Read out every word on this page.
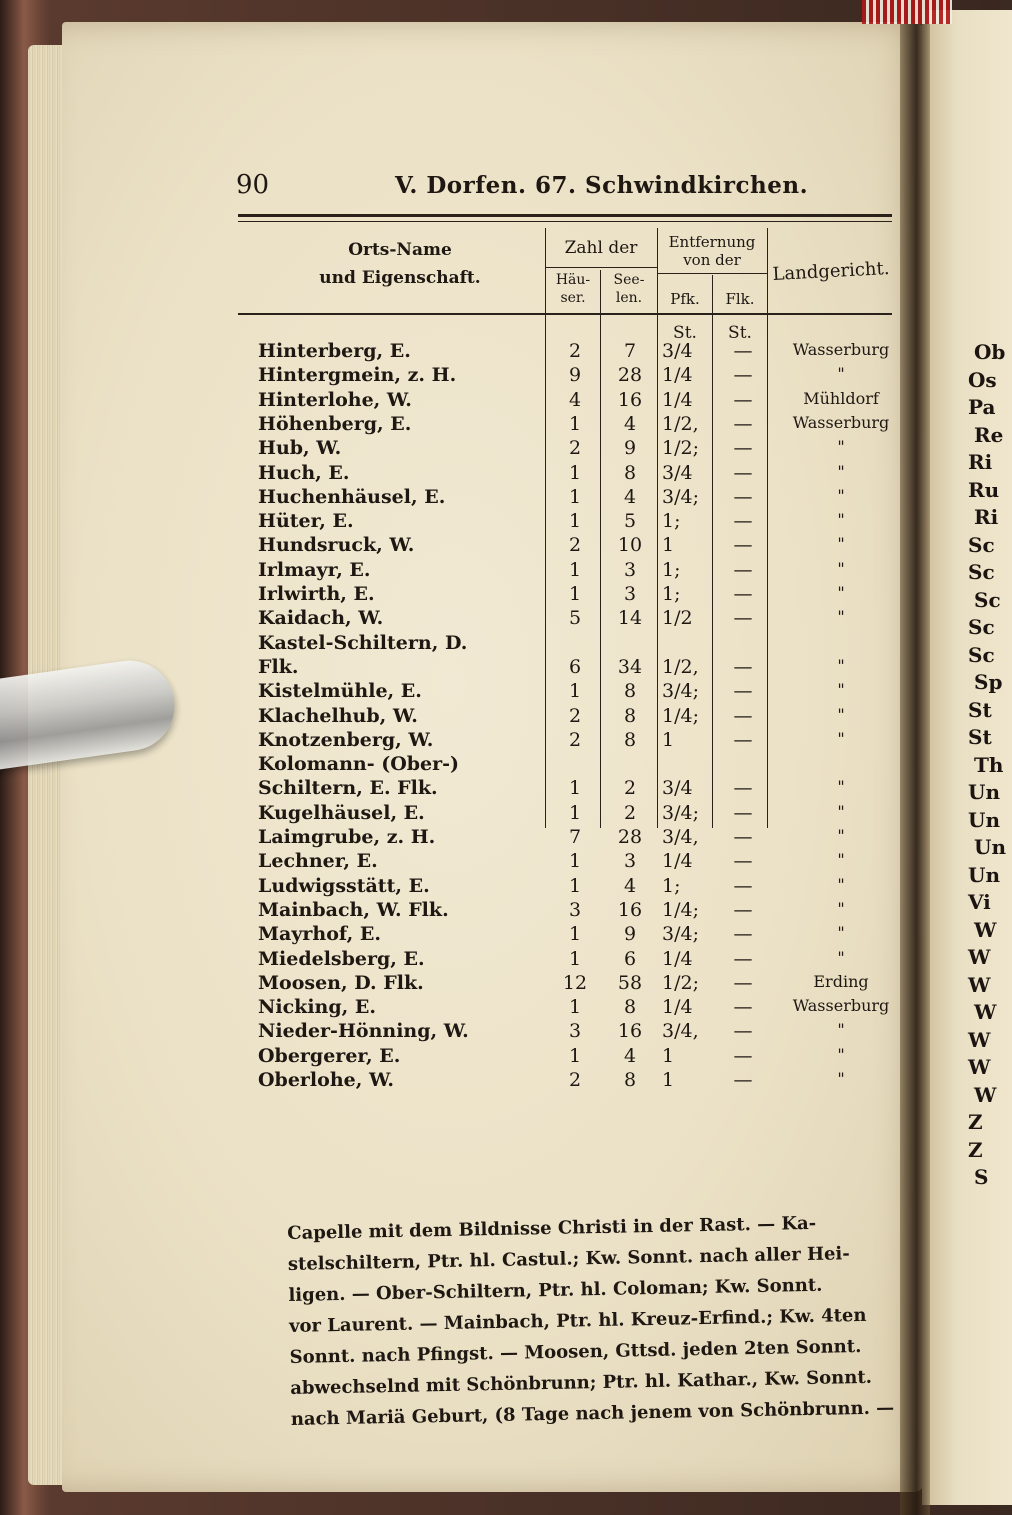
Ob
Os
Pa
Re
Ri
Ru
Ri
Sc
Sc
Sc
Sc
Sc
Sp
St
St
Th
Un
Un
Un
Un
Vi
W
W
W
W
W
W
W
Z
Z
S
90	V. Dorfen. 67. Schwindkirchen.
Orts-Name
und Eigenschaft.
Zahl der
Häu-
ser.
See-
len.
Entfernung
von der
Pfk.	Flk.
Landgericht.
St.	St.
Hinterberg, E.	2	7	3/4	—	Wasserburg
Hintergmein, z. H.	9	28	1/4	—	"
Hinterlohe, W.	4	16	1/4	—	Mühldorf
Höhenberg, E.	1	4	1/2, —	Wasserburg
Hub, W.	2	9	1/2; —	"
Huch, E.	1	8	3/4	—	"
Huchenhäusel, E.	1	4	3/4; —	"
Hüter, E.	1	5	1;	—	"
Hundsruck, W.	2	10	1	—	"
Irlmayr, E.	1	3	1;	—	"
Irlwirth, E.	1	3	1;	—	"
Kaidach, W.	5	14	1/2	—	"
Kastel-Schiltern, D.
Flk.	6	34	1/2, —	"
Kistelmühle, E.	1	8	3/4; —	"
Klachelhub, W.	2	8	1/4; —	"
Knotzenberg, W.	2	8	1	—	"
Kolomann- (Ober-)
Schiltern, E. Flk.	1	2	3/4	—	"
Kugelhäusel, E.	1	2	3/4; —	"
Laimgrube, z. H.	7	28	3/4, —	"
Lechner, E.	1	3	1/4	—	"
Ludwigsstätt, E.	1	4	1;	—	"
Mainbach, W. Flk.	3	16	1/4; —	"
Mayrhof, E.	1	9	3/4; —	"
Miedelsberg, E.	1	6	1/4	—	"
Moosen, D. Flk.	12	58	1/2; —	Erding
Nicking, E.	1	8	1/4	—	Wasserburg
Nieder-Hönning, W.	3	16	3/4, —	"
Obergerer, E.	1	4	1	—	"
Oberlohe, W.	2	8	1	—	"

Capelle mit dem Bildnisse Christi in der Rast. — Ka-

stelschiltern, Ptr. hl. Castul.; Kw. Sonnt. nach aller Hei-

ligen. — Ober-Schiltern, Ptr. hl. Coloman; Kw. Sonnt.

vor Laurent. — Mainbach, Ptr. hl. Kreuz-Erfind.; Kw. 4ten

Sonnt. nach Pfingst. — Moosen, Gttsd. jeden 2ten Sonnt.

abwechselnd mit Schönbrunn; Ptr. hl. Kathar., Kw. Sonnt.

nach Mariä Geburt, (8 Tage nach jenem von Schönbrunn. —
